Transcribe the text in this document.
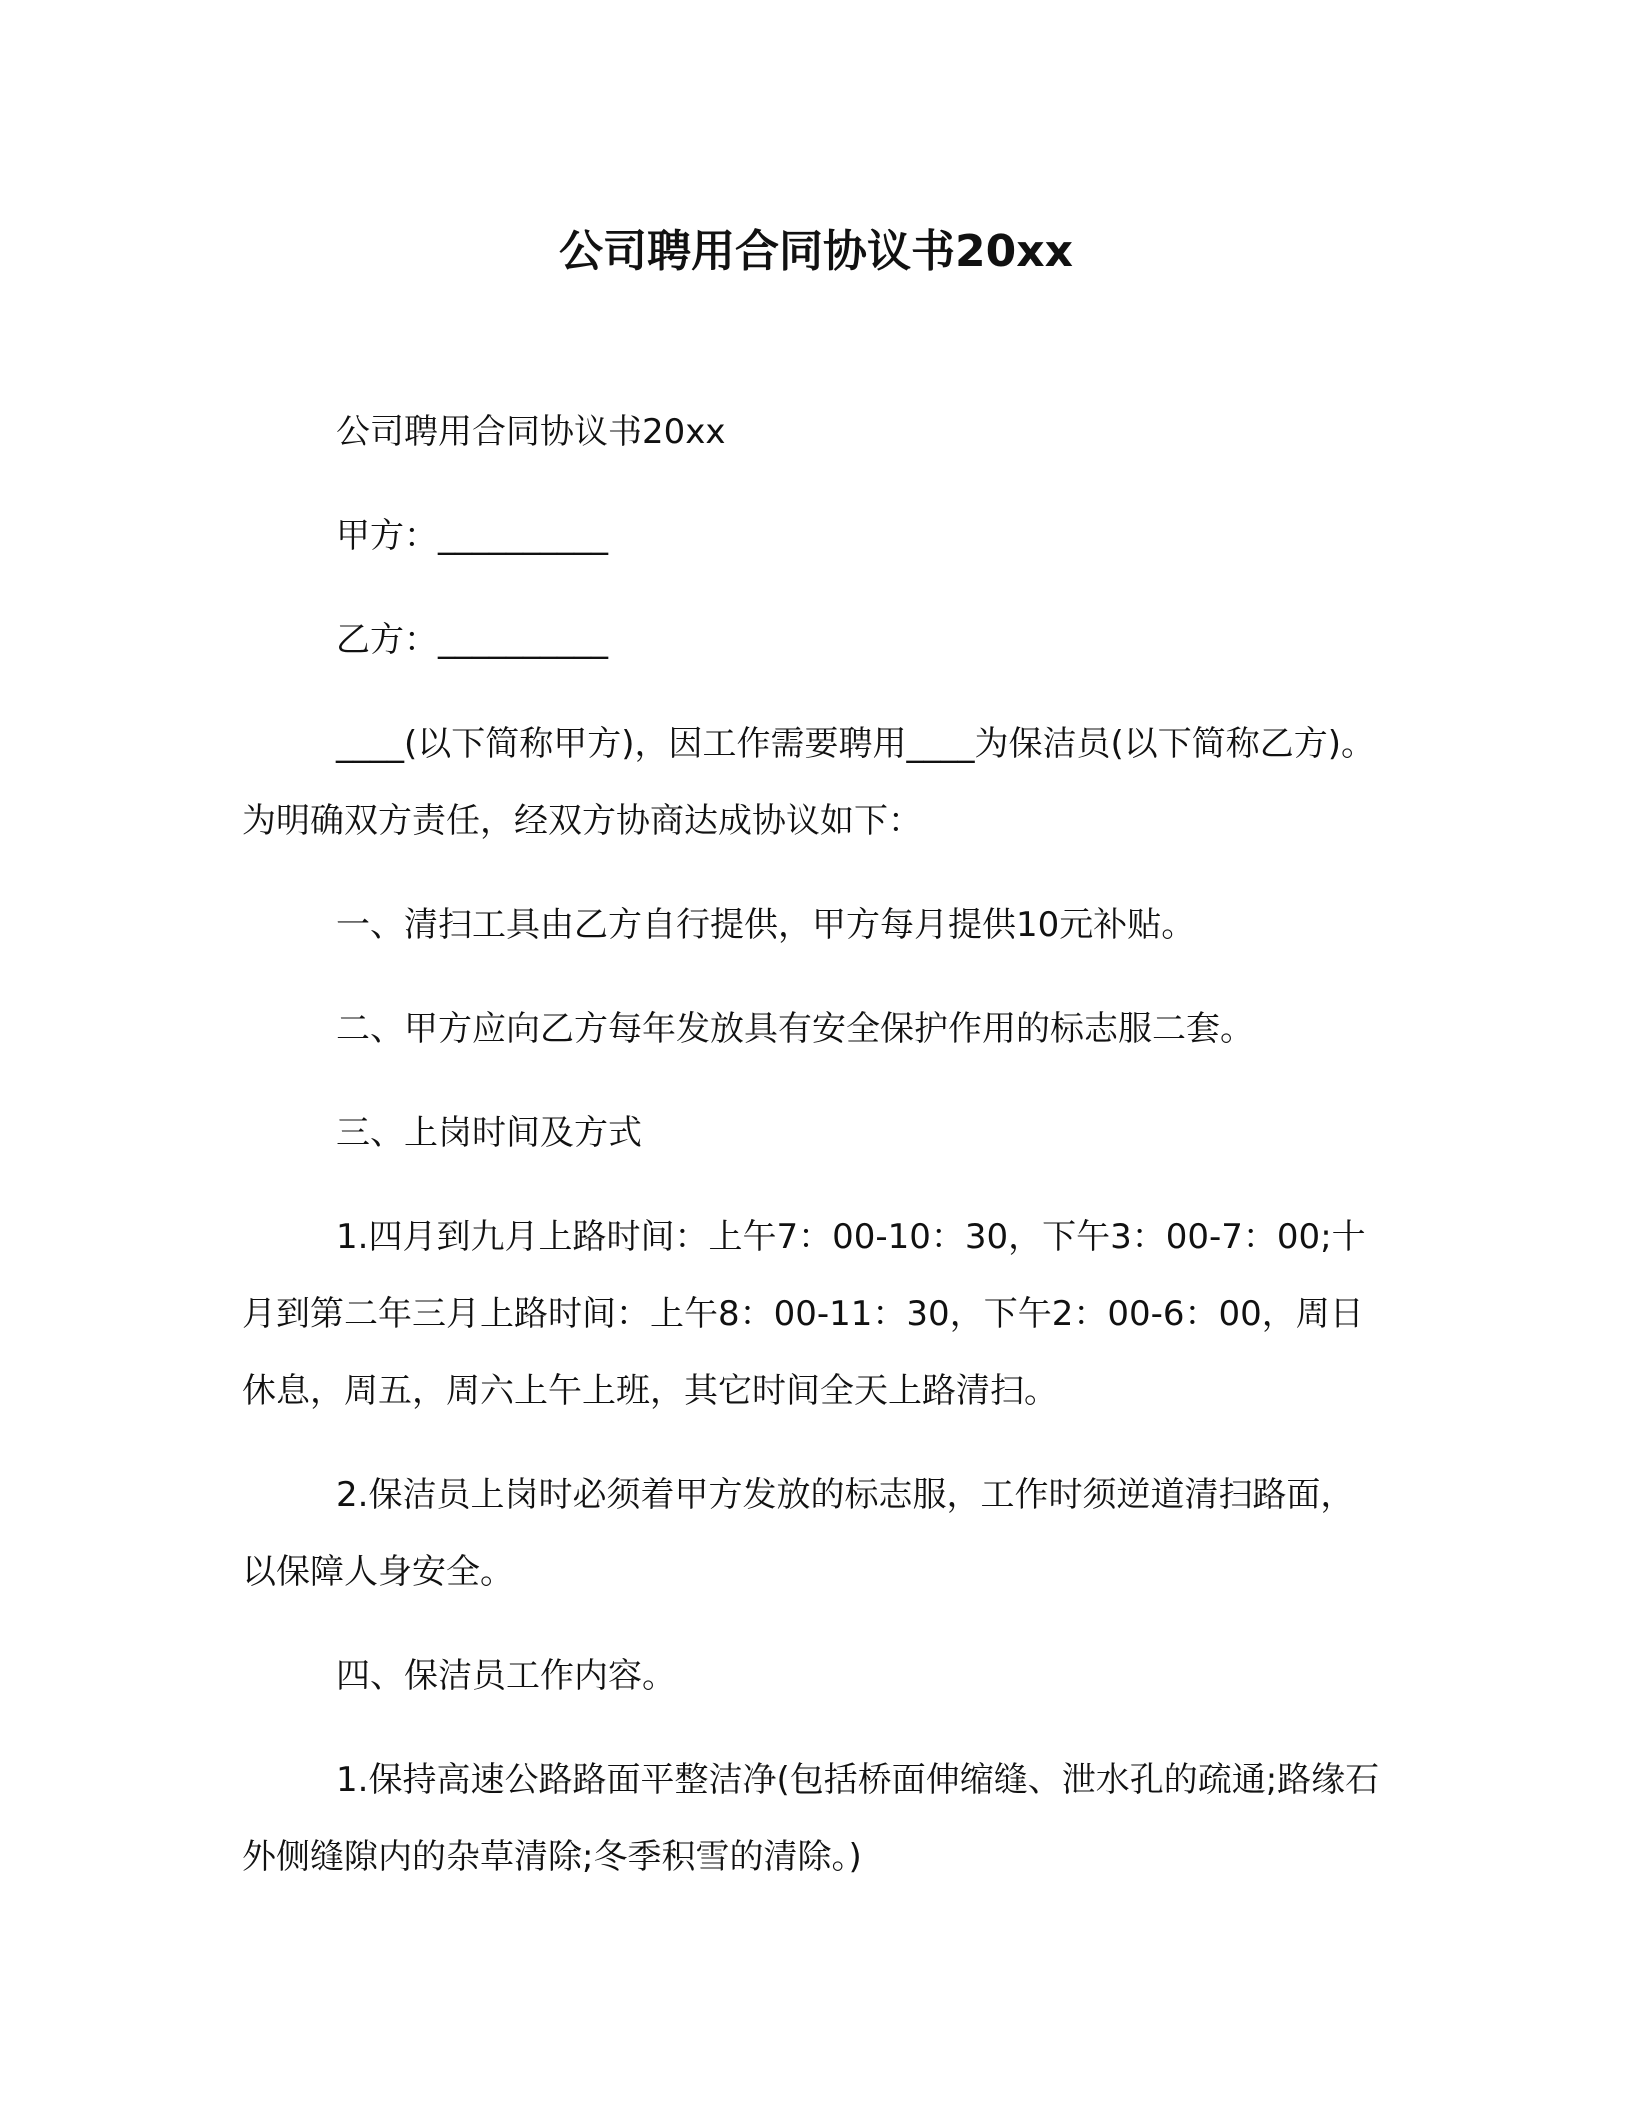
公司聘用合同协议书20xx

公司聘用合同协议书20xx

甲方：__________

乙方：__________

____(以下简称甲方)，因工作需要聘用____为保洁员(以下简称乙方)。为明确双方责任，经双方协商达成协议如下：

一、清扫工具由乙方自行提供，甲方每月提供10元补贴。

二、甲方应向乙方每年发放具有安全保护作用的标志服二套。

三、上岗时间及方式

1.四月到九月上路时间：上午7：00-10：30，下午3：00-7：00;十月到第二年三月上路时间：上午8：00-11：30，下午2：00-6：00，周日休息，周五，周六上午上班，其它时间全天上路清扫。

2.保洁员上岗时必须着甲方发放的标志服，工作时须逆道清扫路面，以保障人身安全。

四、保洁员工作内容。

1.保持高速公路路面平整洁净(包括桥面伸缩缝、泄水孔的疏通;路缘石外侧缝隙内的杂草清除;冬季积雪的清除。)
